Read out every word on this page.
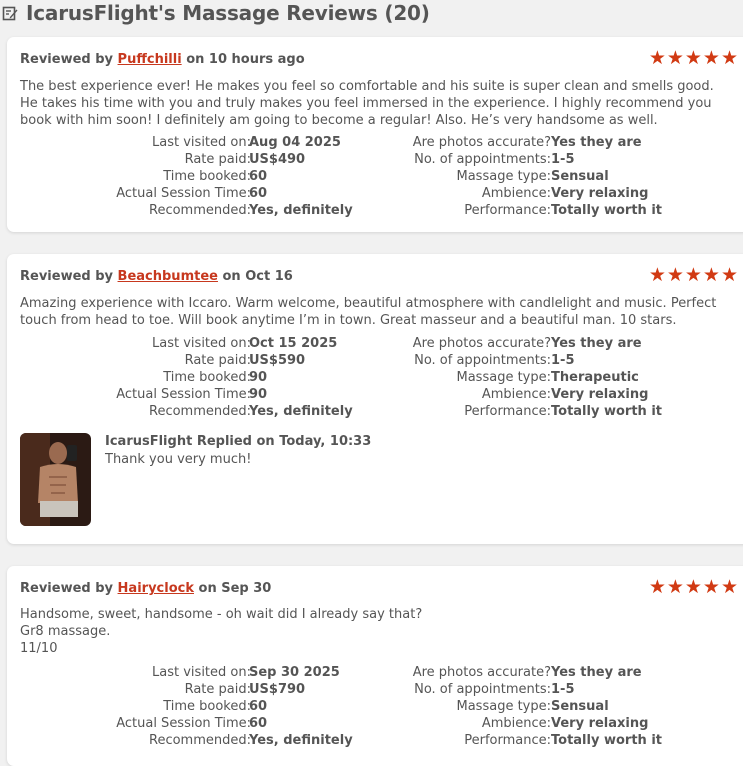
IcarusFlight's Massage Reviews (20)
Reviewed by Puffchilli on 10 hours ago	★★★★★
The best experience ever! He makes you feel so comfortable and his suite is super clean and smells good. He takes his time with you and truly makes you feel immersed in the experience. I highly recommend you book with him soon! I definitely am going to become a regular! Also. He’s very handsome as well.
Last visited on:
Aug 04 2025	Are photos accurate? Yes they are
Rate paid:
US$490	No. of appointments: 1-5
Time booked:
60	Massage type: Sensual
Actual Session Time:
60	Ambience: Very relaxing
Recommended:
Yes, definitely	Performance: Totally worth it
Reviewed by Beachbumtee on Oct 16	★★★★★
Amazing experience with Iccaro. Warm welcome, beautiful atmosphere with candlelight and music. Perfect touch from head to toe. Will book anytime I’m in town. Great masseur and a beautiful man. 10 stars.
Last visited on:
Oct 15 2025	Are photos accurate? Yes they are
Rate paid:
US$590	No. of appointments: 1-5
Time booked:
90	Massage type: Therapeutic
Actual Session Time:
90	Ambience: Very relaxing
Recommended:
Yes, definitely	Performance: Totally worth it
IcarusFlight Replied on Today, 10:33
Thank you very much!
Reviewed by Hairyclock on Sep 30	★★★★★
Handsome, sweet, handsome - oh wait did I already say that?
Gr8 massage.
11/10
Last visited on:
Sep 30 2025	Are photos accurate? Yes they are
Rate paid:
US$790	No. of appointments: 1-5
Time booked:
60	Massage type: Sensual
Actual Session Time:
60	Ambience: Very relaxing
Recommended:
Yes, definitely	Performance: Totally worth it
